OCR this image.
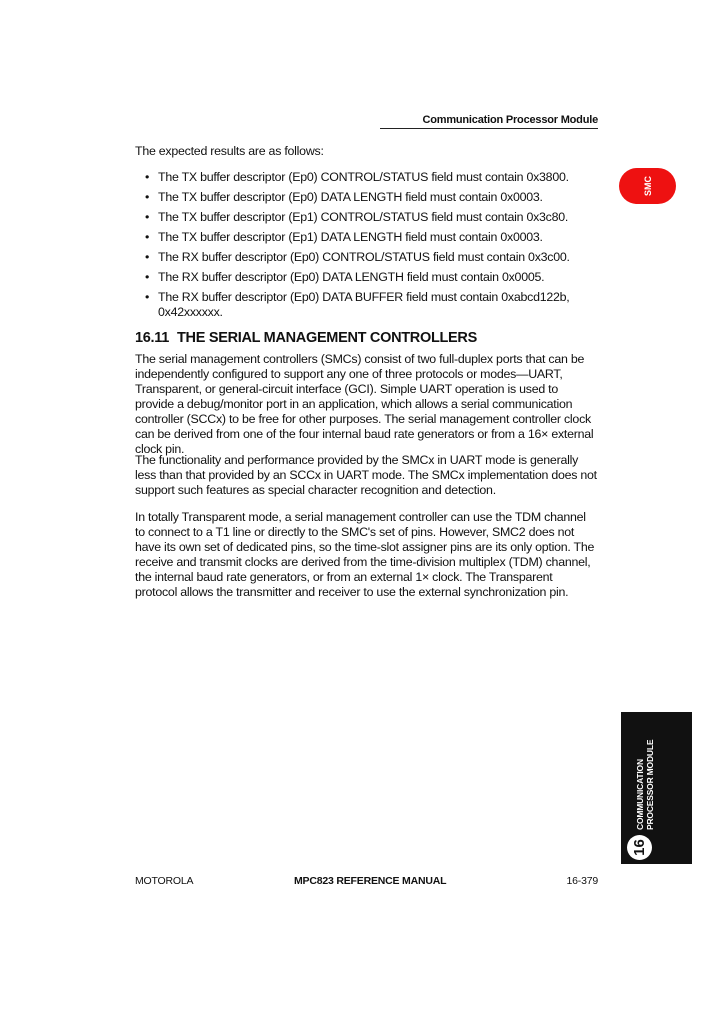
Communication Processor Module
The expected results are as follows:
• The TX buffer descriptor (Ep0) CONTROL/STATUS field must contain 0x3800.
• The TX buffer descriptor (Ep0) DATA LENGTH field must contain 0x0003.
• The TX buffer descriptor (Ep1) CONTROL/STATUS field must contain 0x3c80.
• The TX buffer descriptor (Ep1) DATA LENGTH field must contain 0x0003.
• The RX buffer descriptor (Ep0) CONTROL/STATUS field must contain 0x3c00.
• The RX buffer descriptor (Ep0) DATA LENGTH field must contain 0x0005.
• The RX buffer descriptor (Ep0) DATA BUFFER field must contain 0xabcd122b, 0x42xxxxxx.
16.11 THE SERIAL MANAGEMENT CONTROLLERS

The serial management controllers (SMCs) consist of two full-duplex ports that can be independently configured to support any one of three protocols or modes—UART, Transparent, or general-circuit interface (GCI). Simple UART operation is used to provide a debug/monitor port in an application, which allows a serial communication controller (SCCx) to be free for other purposes. The serial management controller clock can be derived from one of the four internal baud rate generators or from a 16× external clock pin.

The functionality and performance provided by the SMCx in UART mode is generally less than that provided by an SCCx in UART mode. The SMCx implementation does not support such features as special character recognition and detection.

In totally Transparent mode, a serial management controller can use the TDM channel to connect to a T1 line or directly to the SMC's set of pins. However, SMC2 does not have its own set of dedicated pins, so the time-slot assigner pins are its only option. The receive and transmit clocks are derived from the time-division multiplex (TDM) channel, the internal baud rate generators, or from an external 1× clock. The Transparent protocol allows the transmitter and receiver to use the external synchronization pin.

SMC
COMMUNICATION PROCESSOR MODULE
16
MOTOROLA	MPC823 REFERENCE MANUAL	16-379
